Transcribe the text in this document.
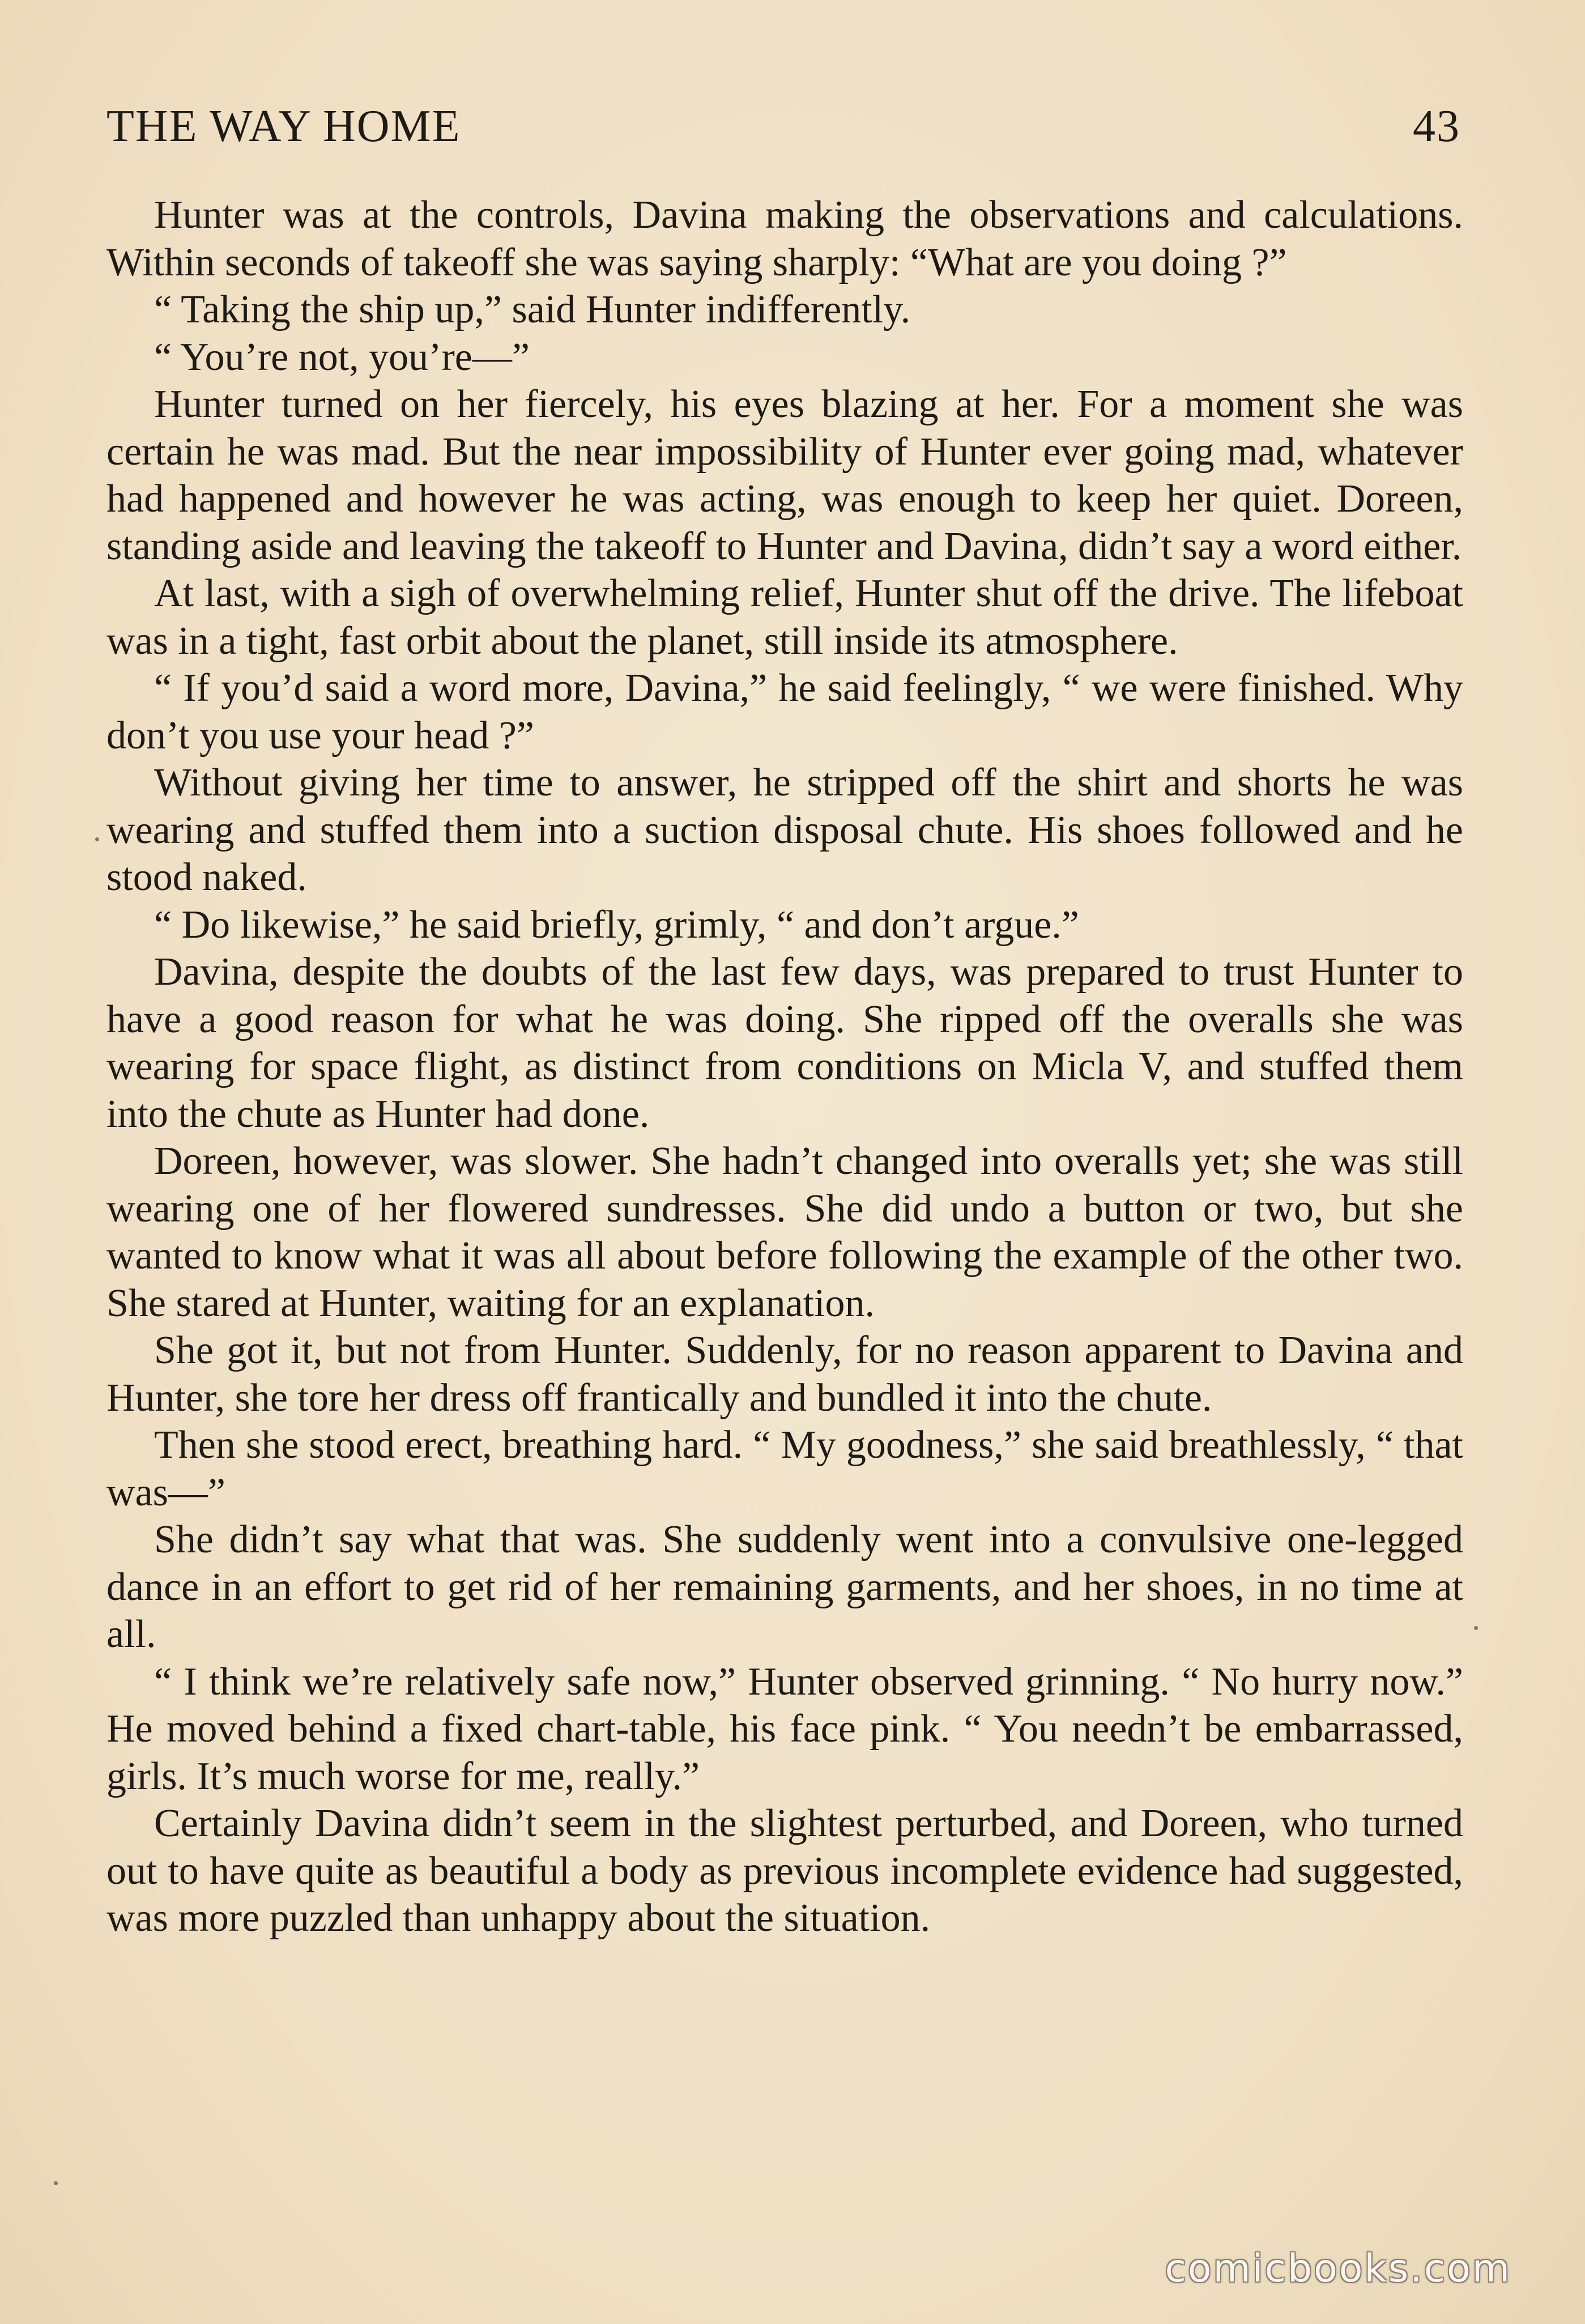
THE WAY HOME	43

Hunter was at the controls, Davina making the observations and calculations. Within seconds of takeoff she was saying sharply: “What are you doing ?”

“ Taking the ship up,” said Hunter indifferently.

“ You’re not, you’re—”

Hunter turned on her fiercely, his eyes blazing at her. For a moment she was certain he was mad. But the near impossibility of Hunter ever going mad, whatever had happened and however he was acting, was enough to keep her quiet. Doreen, standing aside and leaving the takeoff to Hunter and Davina, didn’t say a word either.

At last, with a sigh of overwhelming relief, Hunter shut off the drive. The lifeboat was in a tight, fast orbit about the planet, still inside its atmosphere.

“ If you’d said a word more, Davina,” he said feelingly, “ we were finished. Why don’t you use your head ?”

Without giving her time to answer, he stripped off the shirt and shorts he was wearing and stuffed them into a suction disposal chute. His shoes followed and he stood naked.

“ Do likewise,” he said briefly, grimly, “ and don’t argue.”

Davina, despite the doubts of the last few days, was prepared to trust Hunter to have a good reason for what he was doing. She ripped off the overalls she was wearing for space flight, as distinct from conditions on Micla V, and stuffed them into the chute as Hunter had done.

Doreen, however, was slower. She hadn’t changed into overalls yet; she was still wearing one of her flowered sundresses. She did undo a button or two, but she wanted to know what it was all about before following the example of the other two. She stared at Hunter, waiting for an explanation.

She got it, but not from Hunter. Suddenly, for no reason apparent to Davina and Hunter, she tore her dress off frantically and bundled it into the chute.

Then she stood erect, breathing hard. “ My goodness,” she said breathlessly, “ that was—”

She didn’t say what that was. She suddenly went into a convulsive one-legged dance in an effort to get rid of her remaining garments, and her shoes, in no time at all.

“ I think we’re relatively safe now,” Hunter observed grinning. “ No hurry now.” He moved behind a fixed chart-table, his face pink. “ You needn’t be embarrassed, girls. It’s much worse for me, really.”

Certainly Davina didn’t seem in the slightest perturbed, and Doreen, who turned out to have quite as beautiful a body as previous incomplete evidence had suggested, was more puzzled than unhappy about the situation.

comicbooks.com
